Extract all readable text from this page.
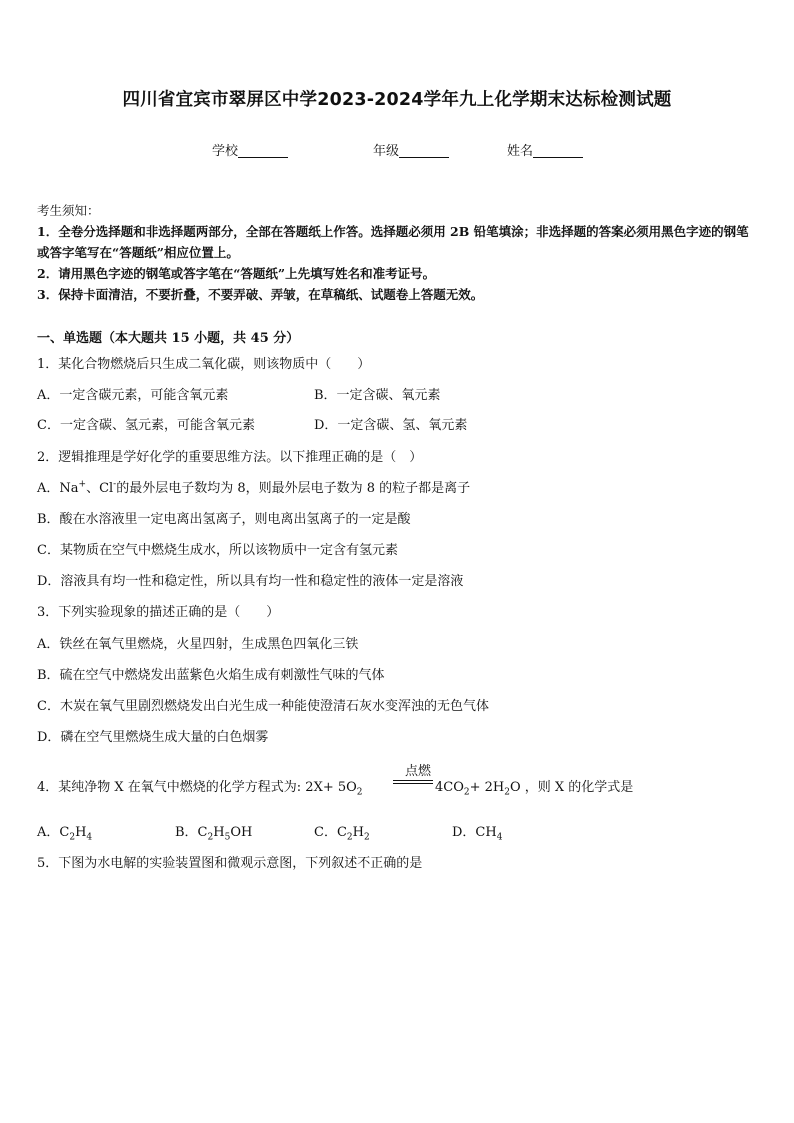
四川省宜宾市翠屏区中学2023-2024学年九上化学期末达标检测试题
学校	年级	姓名
考生须知：
1．全卷分选择题和非选择题两部分，全部在答题纸上作答。选择题必须用 2B 铅笔填涂；非选择题的答案必须用黑色字迹的钢笔或答字笔写在“答题纸”相应位置上。
2．请用黑色字迹的钢笔或答字笔在“答题纸”上先填写姓名和准考证号。
3．保持卡面清洁，不要折叠，不要弄破、弄皱，在草稿纸、试题卷上答题无效。
一、单选题（本大题共 15 小题，共 45 分）
1．某化合物燃烧后只生成二氧化碳，则该物质中（　　）
A．一定含碳元素，可能含氧元素	B．一定含碳、氧元素
C．一定含碳、氢元素，可能含氧元素	D．一定含碳、氢、氧元素
2．逻辑推理是学好化学的重要思维方法。以下推理正确的是（　）
A．Na+、Cl-的最外层电子数均为 8，则最外层电子数为 8 的粒子都是离子
B．酸在水溶液里一定电离出氢离子，则电离出氢离子的一定是酸
C．某物质在空气中燃烧生成水，所以该物质中一定含有氢元素
D．溶液具有均一性和稳定性，所以具有均一性和稳定性的液体一定是溶液
3．下列实验现象的描述正确的是（　　）
A．铁丝在氧气里燃烧，火星四射，生成黑色四氧化三铁
B．硫在空气中燃烧发出蓝紫色火焰生成有刺激性气味的气体
C．木炭在氧气里剧烈燃烧发出白光生成一种能使澄清石灰水变浑浊的无色气体
D．磷在空气里燃烧生成大量的白色烟雾
4．某纯净物 X 在氧气中燃烧的化学方程式为: $2X+ 5O_2$
点燃
$4CO_2+ 2H_2O$ ，则 X 的化学式是
A．$C_2H_4$	B．$C_2H_5OH$	C．$C_2H_2$	D．$CH_4$
5．下图为水电解的实验装置图和微观示意图，下列叙述不正确的是
